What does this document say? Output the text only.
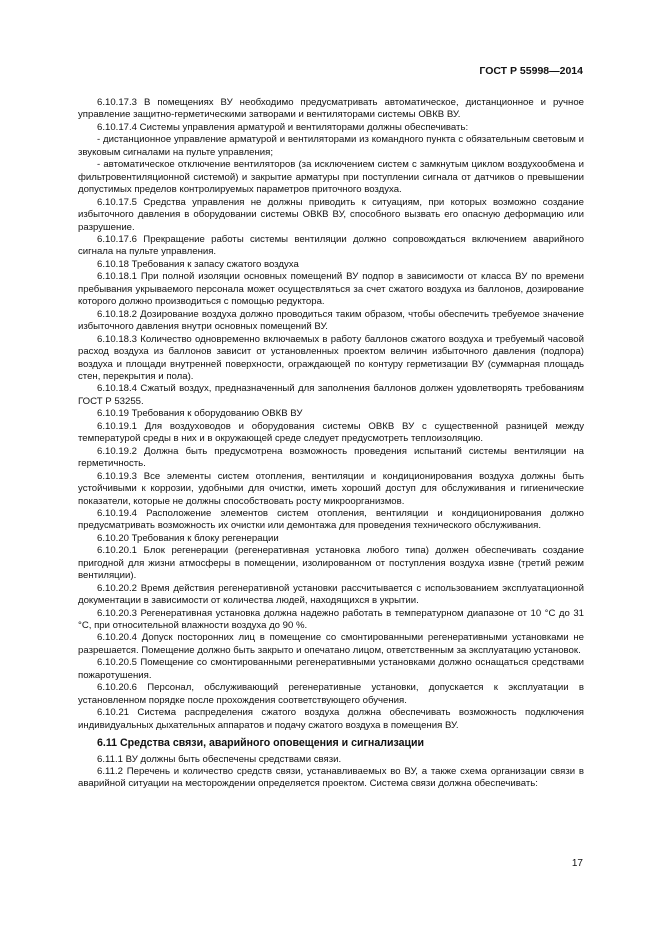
ГОСТ Р 55998—2014

6.10.17.3 В помещениях ВУ необходимо предусматривать автоматическое, дистанционное и ручное управление защитно-герметическими затворами и вентиляторами системы ОВКВ ВУ.

6.10.17.4 Системы управления арматурой и вентиляторами должны обеспечивать:

- дистанционное управление арматурой и вентиляторами из командного пункта с обязательным световым и звуковым сигналами на пульте управления;

- автоматическое отключение вентиляторов (за исключением систем с замкнутым циклом воздухообмена и фильтровентиляционной системой) и закрытие арматуры при поступлении сигнала от датчиков о превышении допустимых пределов контролируемых параметров приточного воздуха.

6.10.17.5 Средства управления не должны приводить к ситуациям, при которых возможно создание избыточного давления в оборудовании системы ОВКВ ВУ, способного вызвать его опасную деформацию или разрушение.

6.10.17.6 Прекращение работы системы вентиляции должно сопровождаться включением аварийного сигнала на пульте управления.

6.10.18 Требования к запасу сжатого воздуха

6.10.18.1 При полной изоляции основных помещений ВУ подпор в зависимости от класса ВУ по времени пребывания укрываемого персонала может осуществляться за счет сжатого воздуха из баллонов, дозирование которого должно производиться с помощью редуктора.

6.10.18.2 Дозирование воздуха должно проводиться таким образом, чтобы обеспечить требуемое значение избыточного давления внутри основных помещений ВУ.

6.10.18.3 Количество одновременно включаемых в работу баллонов сжатого воздуха и требуемый часовой расход воздуха из баллонов зависит от установленных проектом величин избыточного давления (подпора) воздуха и площади внутренней поверхности, ограждающей по контуру герметизации ВУ (суммарная площадь стен, перекрытия и пола).

6.10.18.4 Сжатый воздух, предназначенный для заполнения баллонов должен удовлетворять требованиям ГОСТ Р 53255.

6.10.19 Требования к оборудованию ОВКВ ВУ

6.10.19.1 Для воздуховодов и оборудования системы ОВКВ ВУ с существенной разницей между температурой среды в них и в окружающей среде следует предусмотреть теплоизоляцию.

6.10.19.2 Должна быть предусмотрена возможность проведения испытаний системы вентиляции на герметичность.

6.10.19.3 Все элементы систем отопления, вентиляции и кондиционирования воздуха должны быть устойчивыми к коррозии, удобными для очистки, иметь хороший доступ для обслуживания и гигиенические показатели, которые не должны способствовать росту микроорганизмов.

6.10.19.4 Расположение элементов систем отопления, вентиляции и кондиционирования должно предусматривать возможность их очистки или демонтажа для проведения технического обслуживания.

6.10.20 Требования к блоку регенерации

6.10.20.1 Блок регенерации (регенеративная установка любого типа) должен обеспечивать создание пригодной для жизни атмосферы в помещении, изолированном от поступления воздуха извне (третий режим вентиляции).

6.10.20.2 Время действия регенеративной установки рассчитывается с использованием эксплуатационной документации в зависимости от количества людей, находящихся в укрытии.

6.10.20.3 Регенеративная установка должна надежно работать в температурном диапазоне от 10 °С до 31 °С, при относительной влажности воздуха до 90 %.

6.10.20.4 Допуск посторонних лиц в помещение со смонтированными регенеративными установками не разрешается. Помещение должно быть закрыто и опечатано лицом, ответственным за эксплуатацию установок.

6.10.20.5 Помещение со смонтированными регенеративными установками должно оснащаться средствами пожаротушения.

6.10.20.6 Персонал, обслуживающий регенеративные установки, допускается к эксплуатации в установленном порядке после прохождения соответствующего обучения.

6.10.21 Система распределения сжатого воздуха должна обеспечивать возможность подключения индивидуальных дыхательных аппаратов и подачу сжатого воздуха в помещения ВУ.

6.11 Средства связи, аварийного оповещения и сигнализации

6.11.1 ВУ должны быть обеспечены средствами связи.

6.11.2 Перечень и количество средств связи, устанавливаемых во ВУ, а также схема организации связи в аварийной ситуации на месторождении определяется проектом. Система связи должна обеспечивать:

17
